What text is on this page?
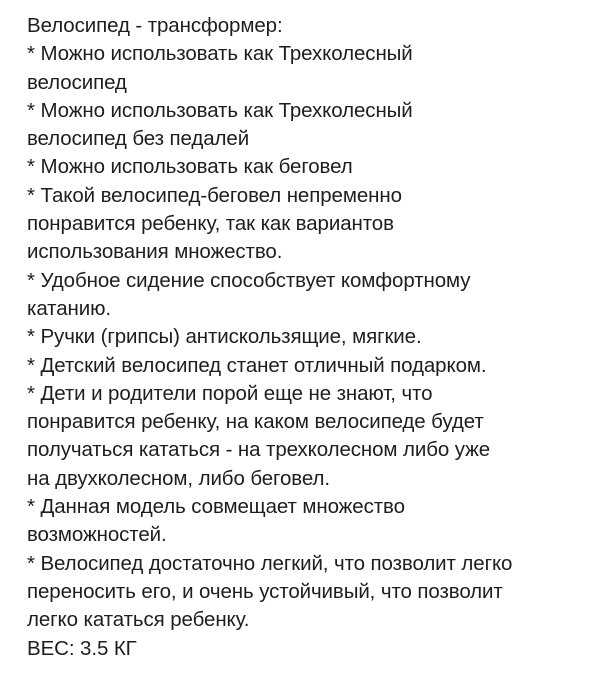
Велосипед - трансформер:
* Можно использовать как Трехколесный
велосипед
* Можно использовать как Трехколесный
велосипед без педалей
* Можно использовать как беговел
* Такой велосипед-беговел непременно
понравится ребенку, так как вариантов
использования множество.
* Удобное сидение способствует комфортному
катанию.
* Ручки (грипсы) антискользящие, мягкие.
* Детский велосипед станет отличный подарком.
* Дети и родители порой еще не знают, что
понравится ребенку, на каком велосипеде будет
получаться кататься - на трехколесном либо уже
на двухколесном, либо беговел.
* Данная модель совмещает множество
возможностей.
* Велосипед достаточно легкий, что позволит легко
переносить его, и очень устойчивый, что позволит
легко кататься ребенку.
ВЕС: 3.5 КГ
